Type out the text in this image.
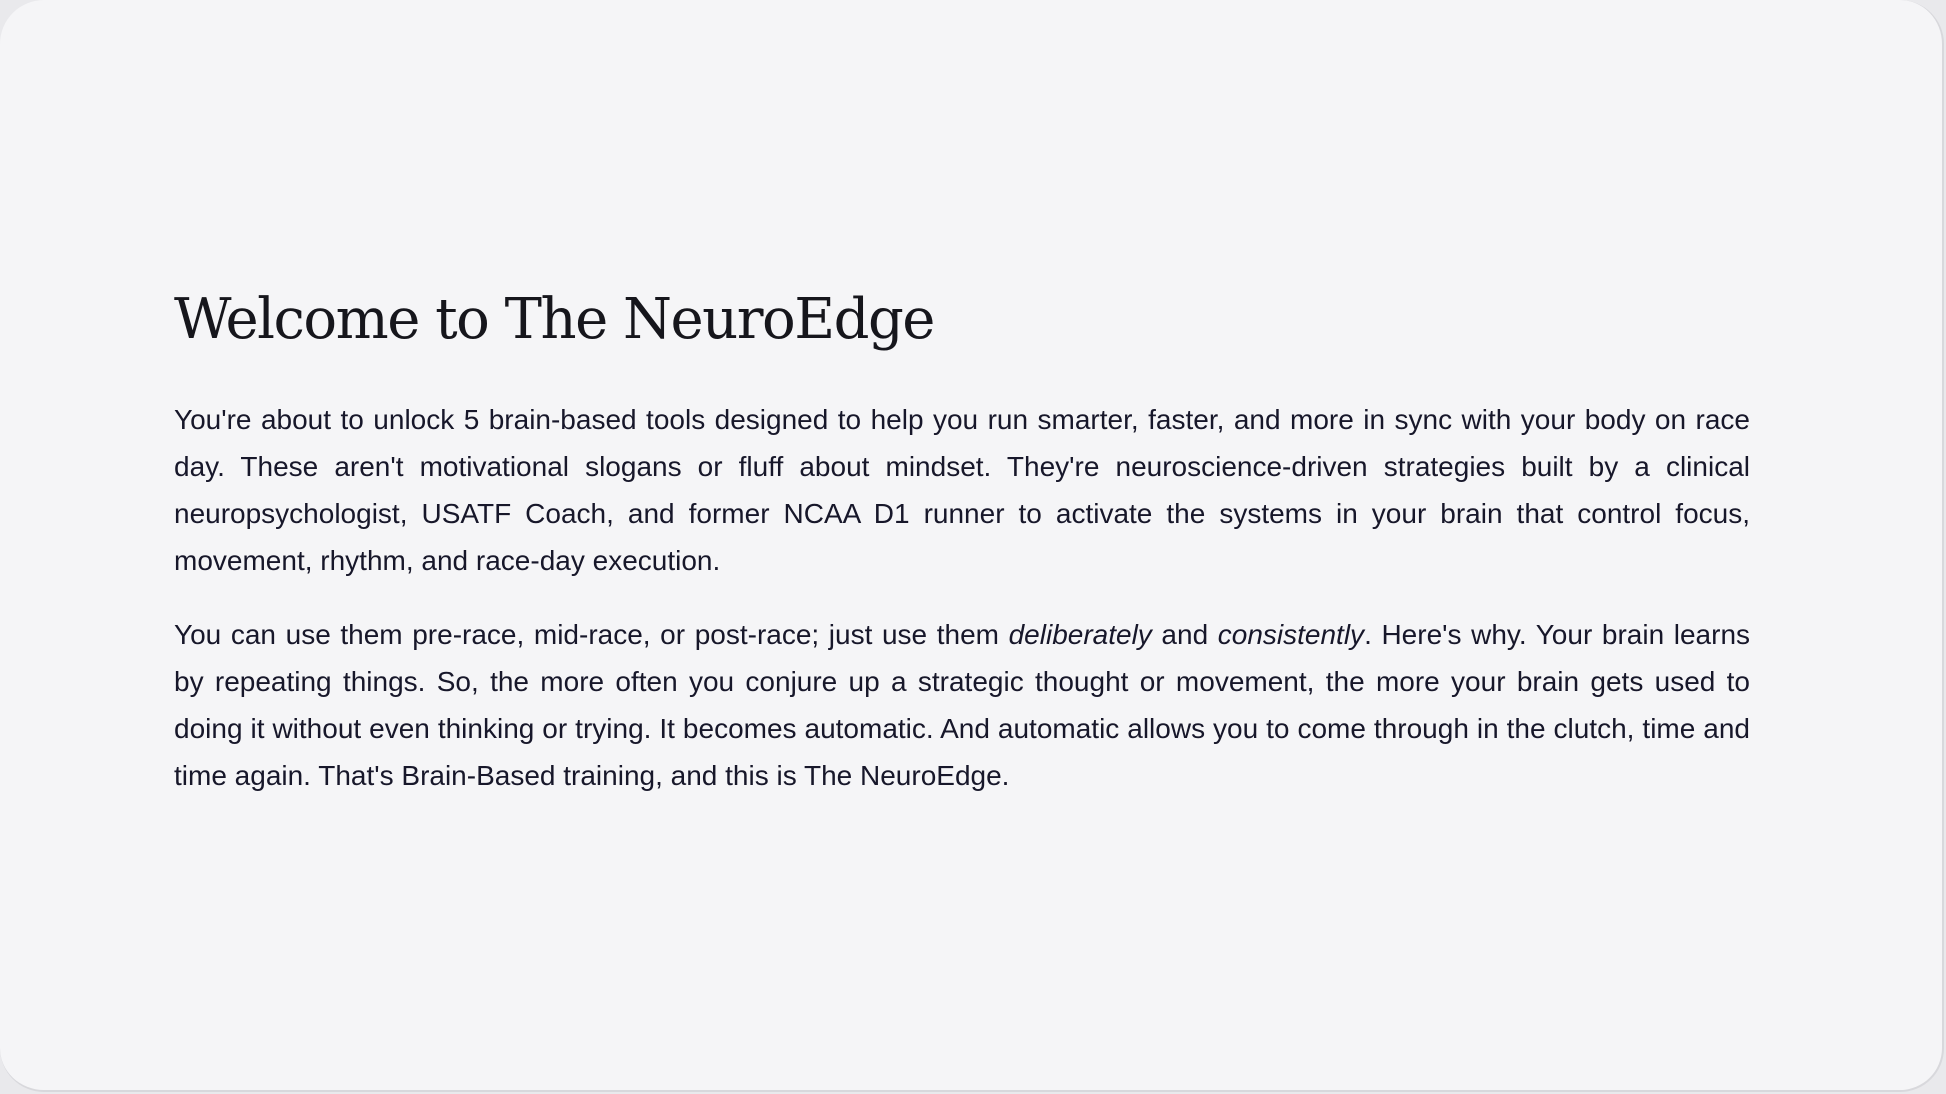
Welcome to The NeuroEdge

You're about to unlock 5 brain-based tools designed to help you run smarter, faster, and more in sync with your body on race day. These aren't motivational slogans or fluff about mindset. They're neuroscience-driven strategies built by a clinical neuropsychologist, USATF Coach, and former NCAA D1 runner to activate the systems in your brain that control focus, movement, rhythm, and race-day execution.

You can use them pre-race, mid-race, or post-race; just use them deliberately and consistently. Here's why. Your brain learns by repeating things. So, the more often you conjure up a strategic thought or movement, the more your brain gets used to doing it without even thinking or trying. It becomes automatic. And automatic allows you to come through in the clutch, time and time again. That's Brain-Based training, and this is The NeuroEdge.
